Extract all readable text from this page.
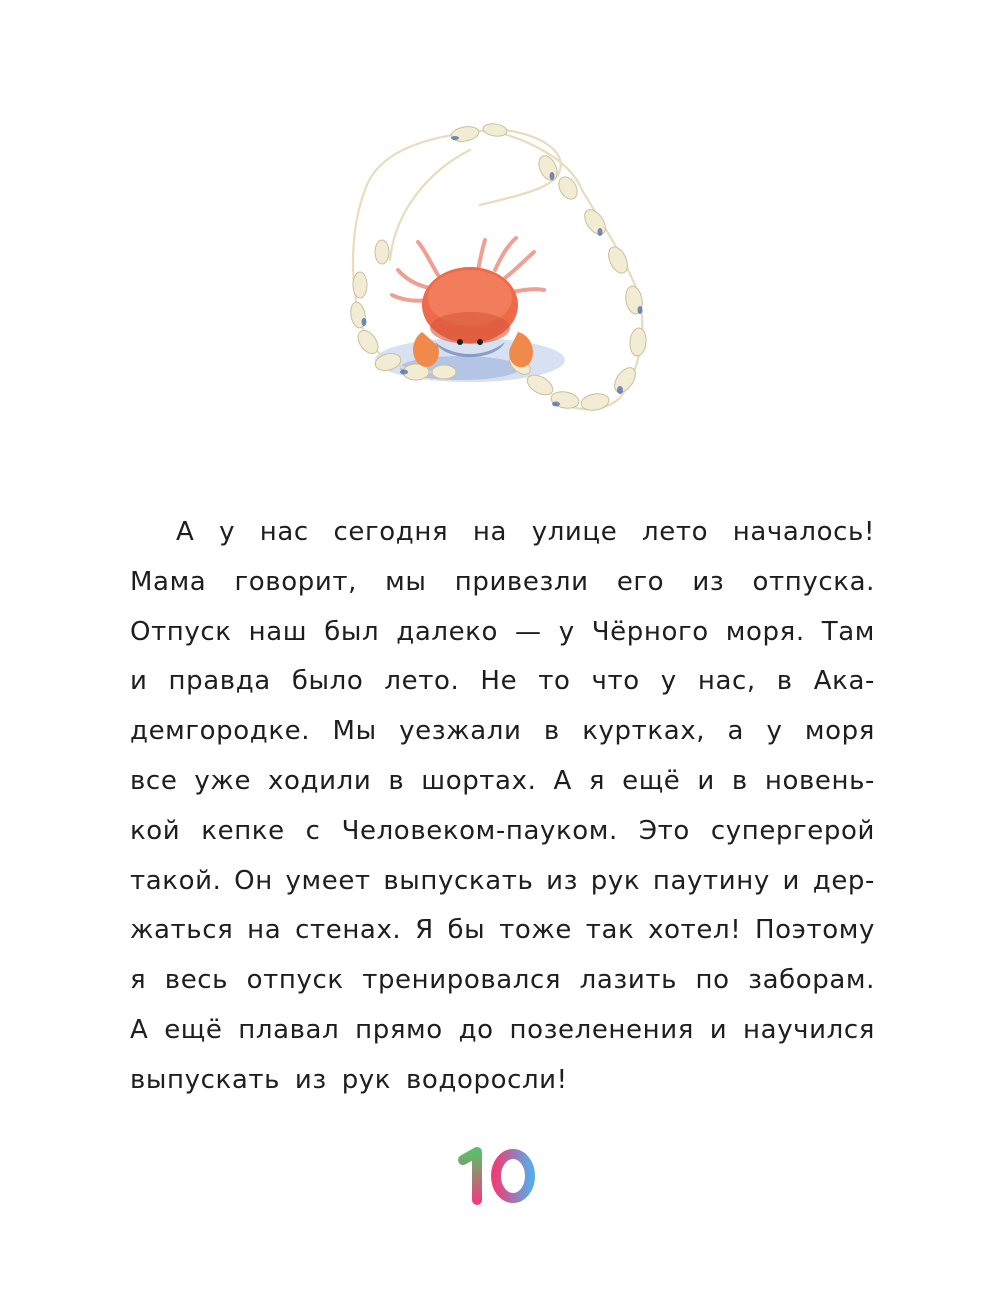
А у нас сегодня на улице лето началось!
Мама говорит, мы привезли его из отпуска.
Отпуск наш был далеко — у Чёрного моря. Там
и правда было лето. Не то что у нас, в Ака-
демгородке. Мы уезжали в куртках, а у моря
все уже ходили в шортах. А я ещё и в новень-
кой кепке с Человеком-пауком. Это супергерой
такой. Он умеет выпускать из рук паутину и дер-
жаться на стенах. Я бы тоже так хотел! Поэтому
я весь отпуск тренировался лазить по заборам.
А ещё плавал прямо до позеленения и научился
выпускать из рук водоросли!
